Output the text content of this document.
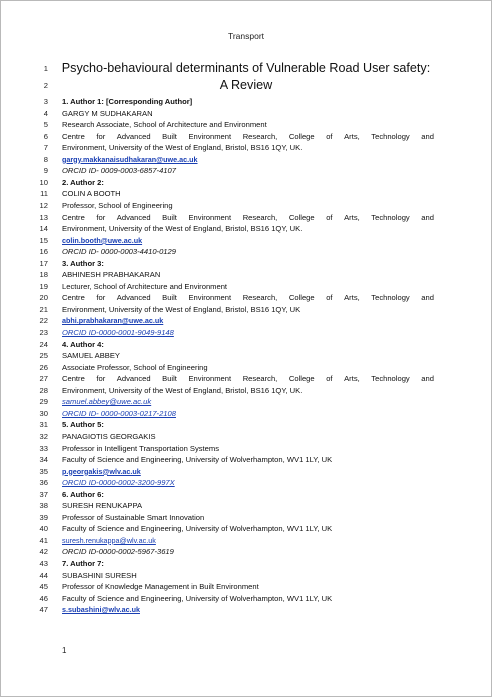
Transport
1 Psycho-behavioural determinants of Vulnerable Road User safety:
2	A Review
3 1. Author 1: [Corresponding Author]
4 GARGY M SUDHAKARAN
5 Research Associate, School of Architecture and Environment
6 Centre for Advanced Built Environment Research, College of Arts, Technology and
7 Environment, University of the West of England, Bristol, BS16 1QY, UK.
8 gargy.makkanaisudhakaran@uwe.ac.uk
9 ORCID ID- 0009-0003-6857-4107
10 2. Author 2:
11 COLIN A BOOTH
12 Professor, School of Engineering
13 Centre for Advanced Built Environment Research, College of Arts, Technology and
14 Environment, University of the West of England, Bristol, BS16 1QY, UK.
15 colin.booth@uwe.ac.uk
16 ORCID ID- 0000-0003-4410-0129
17 3. Author 3:
18 ABHINESH PRABHAKARAN
19 Lecturer, School of Architecture and Environment
20 Centre for Advanced Built Environment Research, College of Arts, Technology and
21 Environment, University of the West of England, Bristol, BS16 1QY, UK
22 abhi.prabhakaran@uwe.ac.uk
23 ORCID ID-0000-0001-9049-9148
24 4. Author 4:
25 SAMUEL ABBEY
26 Associate Professor, School of Engineering
27 Centre for Advanced Built Environment Research, College of Arts, Technology and
28 Environment, University of the West of England, Bristol, BS16 1QY, UK.
29 samuel.abbey@uwe.ac.uk
30 ORCID ID- 0000-0003-0217-2108
31 5. Author 5:
32 PANAGIOTIS GEORGAKIS
33 Professor in Intelligent Transportation Systems
34 Faculty of Science and Engineering, University of Wolverhampton, WV1 1LY, UK
35 p.georgakis@wlv.ac.uk
36 ORCID ID-0000-0002-3200-997X
37 6. Author 6:
38 SURESH RENUKAPPA
39 Professor of Sustainable Smart Innovation
40 Faculty of Science and Engineering, University of Wolverhampton, WV1 1LY, UK
41 suresh.renukappa@wlv.ac.uk
42 ORCID ID-0000-0002-5967-3619
43 7. Author 7:
44 SUBASHINI SURESH
45 Professor of Knowledge Management in Built Environment
46 Faculty of Science and Engineering, University of Wolverhampton, WV1 1LY, UK
47 s.subashini@wlv.ac.uk
1
